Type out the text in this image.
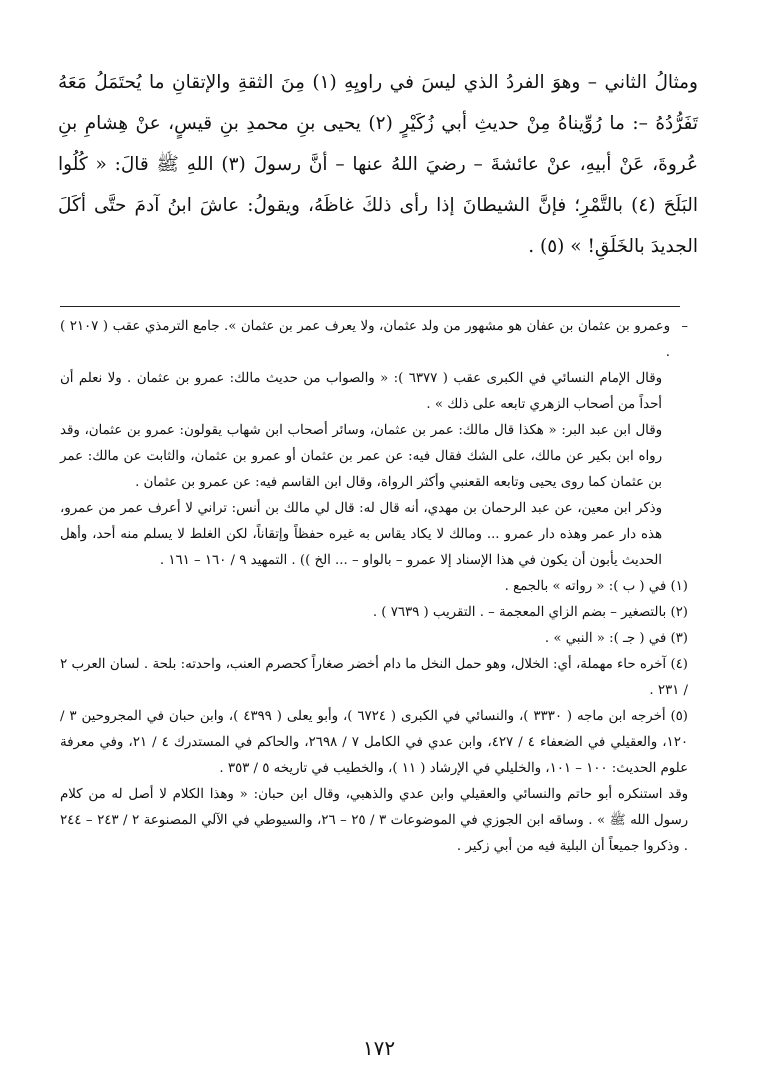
ومثالُ الثاني – وهوَ الفردُ الذي ليسَ في راويِهِ (١) مِنَ الثقةِ والإتقانِ ما يُحتَمَلُ مَعَهُ تَفَرُّدُهُ –: ما رُوِّيناهُ مِنْ حديثِ أبي زُكَيْرٍ (٢) يحيى بنِ محمدِ بنِ قيسٍ، عنْ هِشامِ بنِ عُروةَ، عَنْ أبيهِ، عنْ عائشةَ – رضيَ اللهُ عنها – أنَّ رسولَ (٣) اللهِ ﷺ قالَ: « كُلُوا البَلَحَ (٤) بالتَّمْرِ؛ فإنَّ الشيطانَ إذا رأى ذلكَ غاظَهُ، ويقولُ: عاشَ ابنُ آدمَ حتَّى أكَلَ الجديدَ بالخَلَقِ! » (٥) .
–

وعمرو بن عثمان بن عفان هو مشهور من ولد عثمان، ولا يعرف عمر بن عثمان ». جامع الترمذي عقب ( ٢١٠٧ ) .

وقال الإمام النسائي في الكبرى عقب ( ٦٣٧٧ ): « والصواب من حديث مالك: عمرو بن عثمان . ولا نعلم أن أحداً من أصحاب الزهري تابعه على ذلك » .

وقال ابن عبد البر: « هكذا قال مالك: عمر بن عثمان، وسائر أصحاب ابن شهاب يقولون: عمرو بن عثمان، وقد رواه ابن بكير عن مالك، على الشك فقال فيه: عن عمر بن عثمان أو عمرو بن عثمان، والثابت عن مالك: عمر بن عثمان كما روى يحيى وتابعه القعنبي وأكثر الرواة، وقال ابن القاسم فيه: عن عمرو بن عثمان .

وذكر ابن معين، عن عبد الرحمان بن مهدي، أنه قال له: قال لي مالك بن أنس: تراني لا أعرف عمر من عمرو، هذه دار عمر وهذه دار عمرو ... ومالك لا يكاد يقاس به غيره حفظاً وإتقاناً، لكن الغلط لا يسلم منه أحد، وأهل الحديث يأبون أن يكون في هذا الإسناد إلا عمرو – بالواو – ... الخ )) . التمهيد ٩ / ١٦٠ – ١٦١ .

(١) في ( ب ): « رواته » بالجمع .

(٢) بالتصغير – بضم الزاي المعجمة – . التقريب ( ٧٦٣٩ ) .

(٣) في ( جـ ): « النبي » .

(٤) آخره حاء مهملة، أي: الخلال، وهو حمل النخل ما دام أخضر صغاراً كحصرم العنب، واحدته: بلحة . لسان العرب ٢ / ٢٣١ .

(٥) أخرجه ابن ماجه ( ٣٣٣٠ )، والنسائي في الكبرى ( ٦٧٢٤ )، وأبو يعلى ( ٤٣٩٩ )، وابن حبان في المجروحين ٣ / ١٢٠، والعقيلي في الضعفاء ٤ / ٤٢٧، وابن عدي في الكامل ٧ / ٢٦٩٨، والحاكم في المستدرك ٤ / ٢١، وفي معرفة علوم الحديث: ١٠٠ – ١٠١، والخليلي في الإرشاد ( ١١ )، والخطيب في تاريخه ٥ / ٣٥٣ .

وقد استنكره أبو حاتم والنسائي والعقيلي وابن عدي والذهبي، وقال ابن حبان: « وهذا الكلام لا أصل له من كلام رسول الله ﷺ » . وساقه ابن الجوزي في الموضوعات ٣ / ٢٥ – ٢٦، والسيوطي في الآلي المصنوعة ٢ / ٢٤٣ – ٢٤٤ . وذكروا جميعاً أن البلية فيه من أبي زكير .

١٧٢
